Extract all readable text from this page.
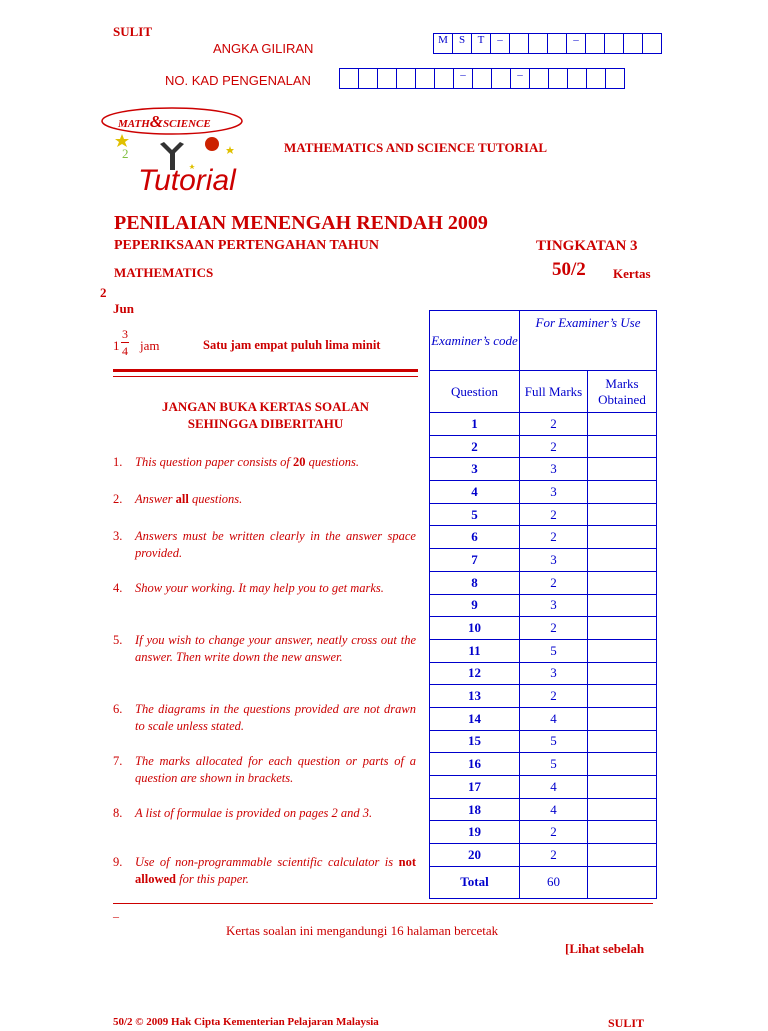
SULIT
ANGKA GILIRAN
M	S	T	–	–
NO. KAD PENGENALAN	–	–
MATH&SCIENCE
2
Tutorial
MATHEMATICS AND SCIENCE TUTORIAL
PENILAIAN MENENGAH RENDAH 2009
PEPERIKSAAN PERTENGAHAN TAHUN	TINGKATAN 3
MATHEMATICS	50/2 Kertas
2
Jun
1
3
4 jam	Satu jam empat puluh lima minit
JANGAN BUKA KERTAS SOALAN
SEHINGGA DIBERITAHU
1. This question paper consists of 20 questions.
2. Answer all questions.
3. Answers must be written clearly in the answer space provided.
4. Show your working. It may help you to get marks.
5. If you wish to change your answer, neatly cross out the answer. Then write down the new answer.
6. The diagrams in the questions provided are not drawn to scale unless stated.
7. The marks allocated for each question or parts of a question are shown in brackets.
8. A list of formulae is provided on pages 2 and 3.
9. Use of non-programmable scientific calculator is not allowed for this paper.
Examiner’s code	For Examiner’s Use	
Question	Full Marks	Marks Obtained
1	2	
2	2	
3	3	
4	3	
5	2	
6	2	
7	3	
8	2	
9	3	
10	2	
11	5	
12	3	
13	2	
14	4	
15	5	
16	5	
17	4	
18	4	
19	2	
20	2	
Total	60	
–
Kertas soalan ini mengandungi 16 halaman bercetak
[Lihat sebelah
50/2 © 2009 Hak Cipta Kementerian Pelajaran Malaysia	SULIT
